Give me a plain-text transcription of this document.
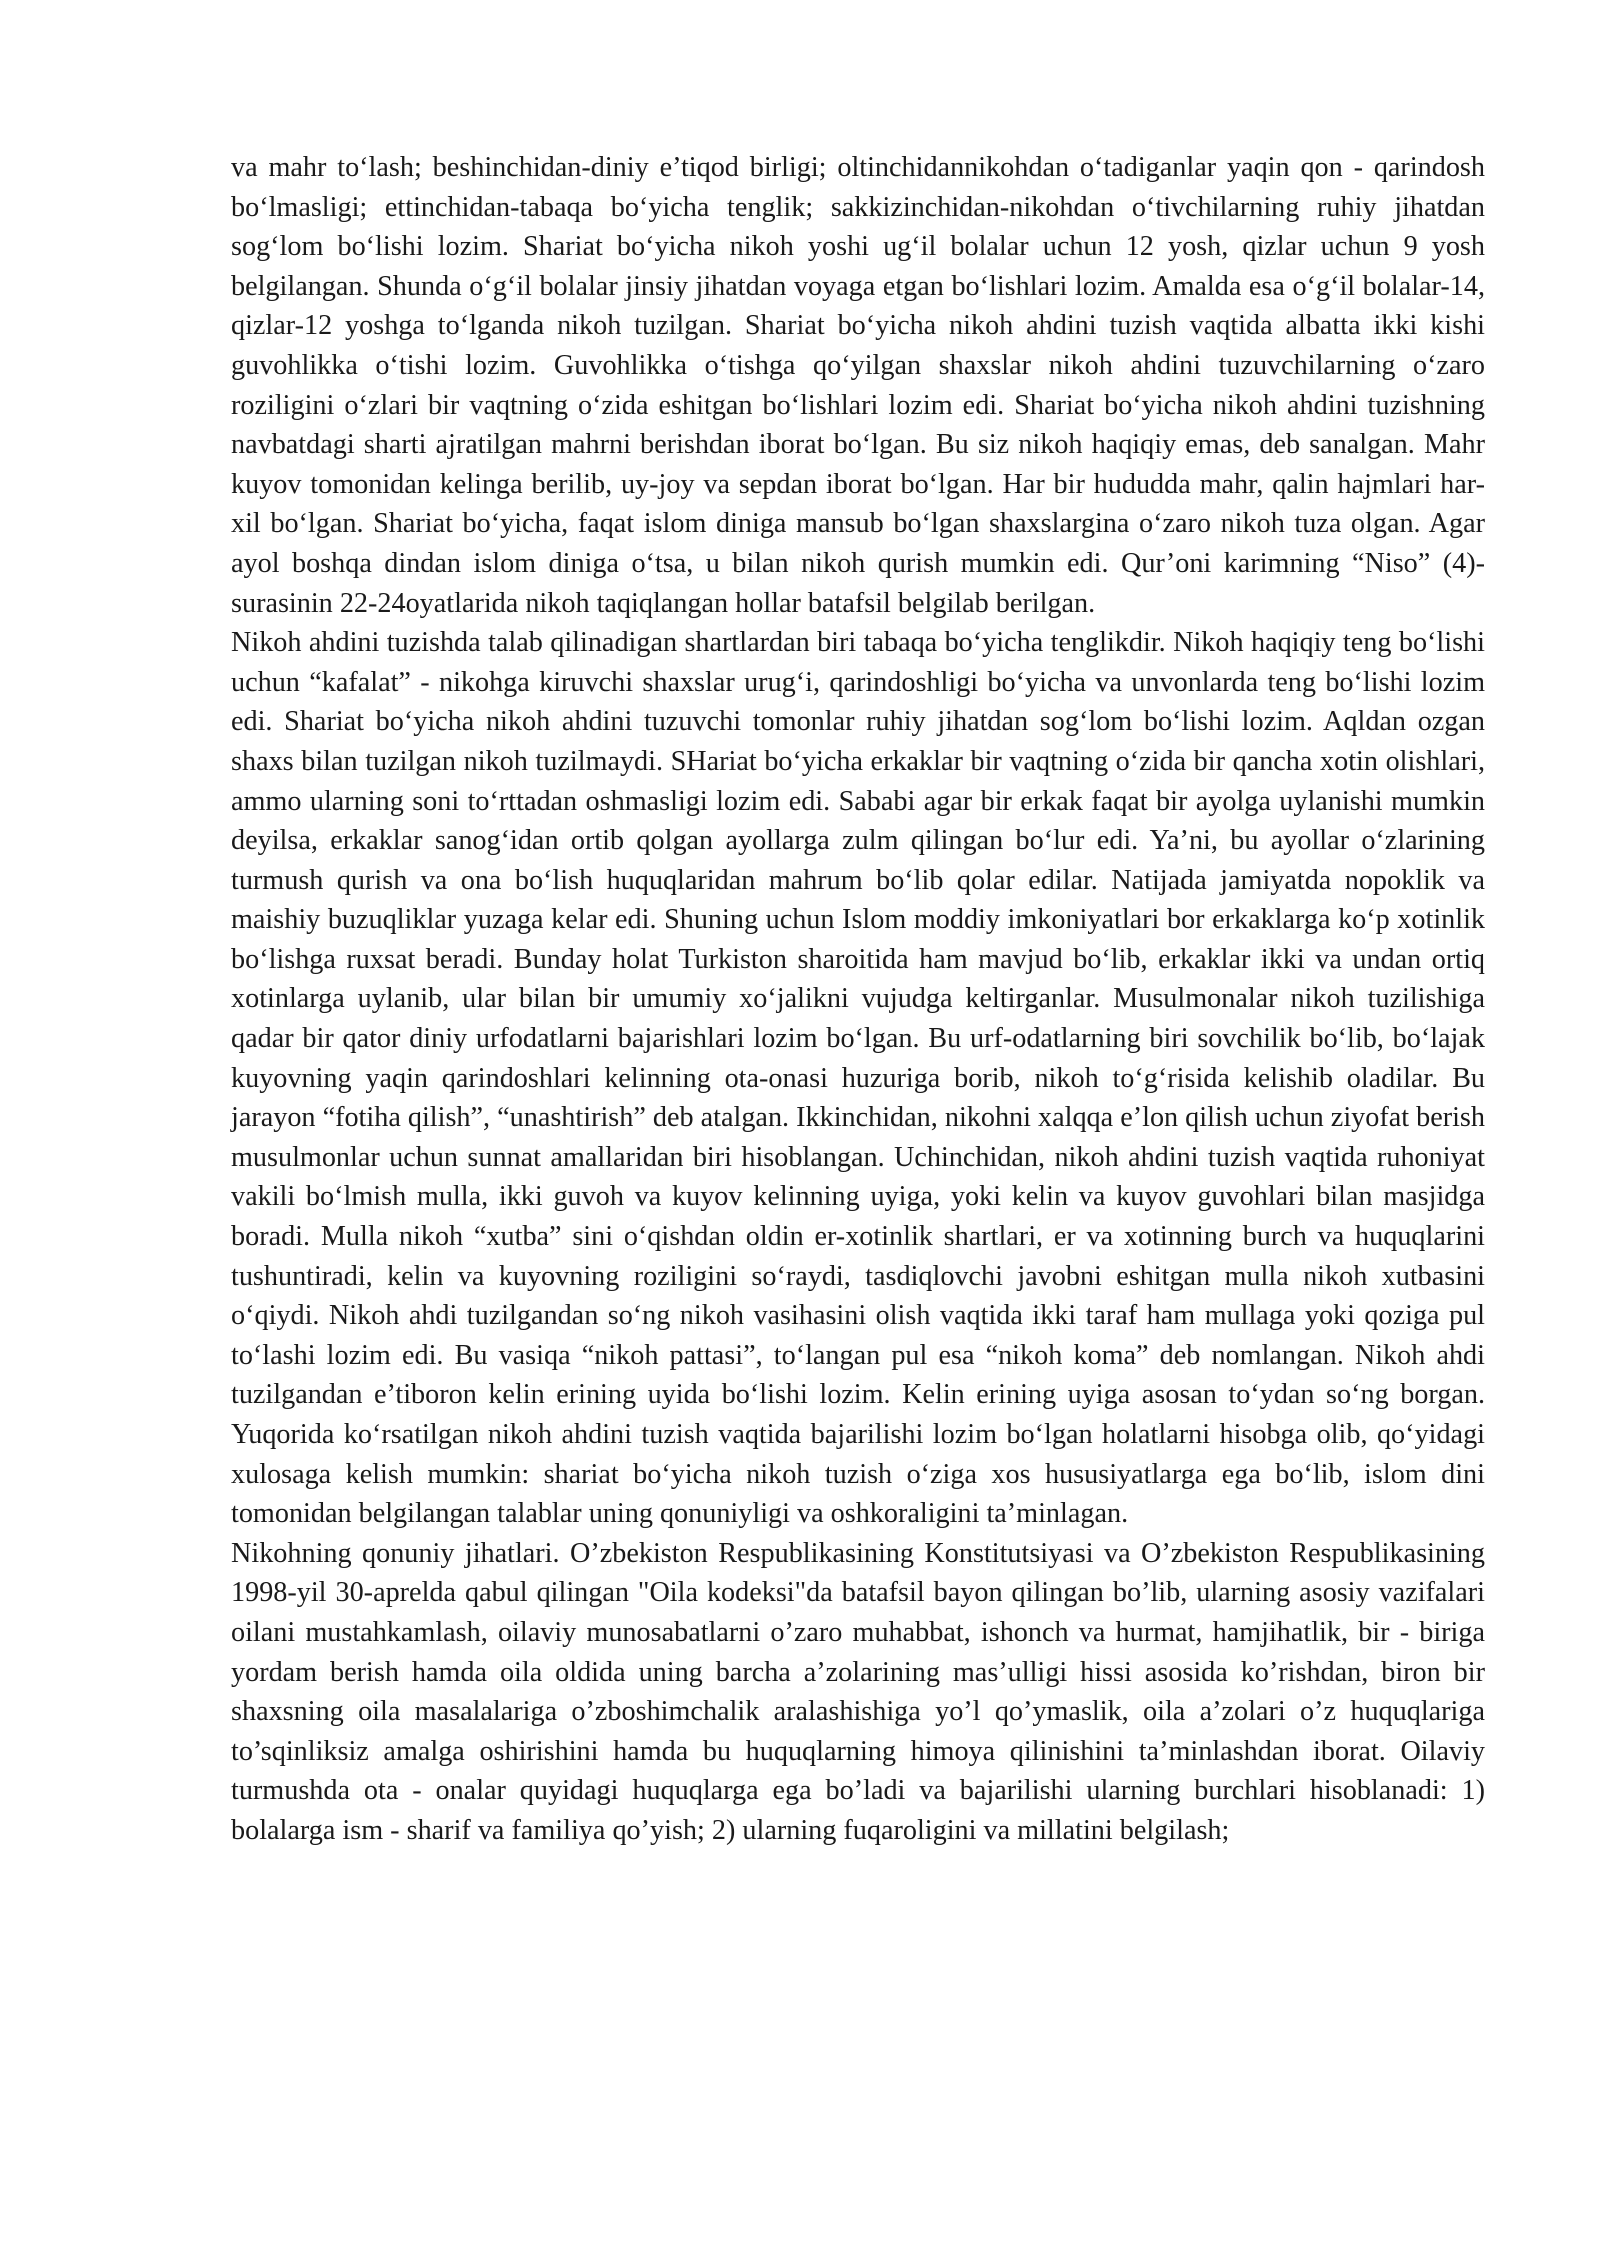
va mahr to‘lash; beshinchidan-diniy e’tiqod birligi; oltinchidannikohdan o‘tadiganlar yaqin qon - qarindosh bo‘lmasligi; ettinchidan-tabaqa bo‘yicha tenglik; sakkizinchidan-nikohdan o‘tivchilarning ruhiy jihatdan sog‘lom bo‘lishi lozim. Shariat bo‘yicha nikoh yoshi ug‘il bolalar uchun 12 yosh, qizlar uchun 9 yosh belgilangan. Shunda o‘g‘il bolalar jinsiy jihatdan voyaga etgan bo‘lishlari lozim. Amalda esa o‘g‘il bolalar-14, qizlar-12 yoshga to‘lganda nikoh tuzilgan. Shariat bo‘yicha nikoh ahdini tuzish vaqtida albatta ikki kishi guvohlikka o‘tishi lozim. Guvohlikka o‘tishga qo‘yilgan shaxslar nikoh ahdini tuzuvchilarning o‘zaro roziligini o‘zlari bir vaqtning o‘zida eshitgan bo‘lishlari lozim edi. Shariat bo‘yicha nikoh ahdini tuzishning navbatdagi sharti ajratilgan mahrni berishdan iborat bo‘lgan. Bu siz nikoh haqiqiy emas, deb sanalgan. Mahr kuyov tomonidan kelinga berilib, uy-joy va sepdan iborat bo‘lgan. Har bir hududda mahr, qalin hajmlari har-xil bo‘lgan. Shariat bo‘yicha, faqat islom diniga mansub bo‘lgan shaxslargina o‘zaro nikoh tuza olgan. Agar ayol boshqa dindan islom diniga o‘tsa, u bilan nikoh qurish mumkin edi. Qur’oni karimning “Niso” (4)-surasinin 22-24oyatlarida nikoh taqiqlangan hollar batafsil belgilab berilgan.

Nikoh ahdini tuzishda talab qilinadigan shartlardan biri tabaqa bo‘yicha tenglikdir. Nikoh haqiqiy teng bo‘lishi uchun “kafalat” - nikohga kiruvchi shaxslar urug‘i, qarindoshligi bo‘yicha va unvonlarda teng bo‘lishi lozim edi. Shariat bo‘yicha nikoh ahdini tuzuvchi tomonlar ruhiy jihatdan sog‘lom bo‘lishi lozim. Aqldan ozgan shaxs bilan tuzilgan nikoh tuzilmaydi. SHariat bo‘yicha erkaklar bir vaqtning o‘zida bir qancha xotin olishlari, ammo ularning soni to‘rttadan oshmasligi lozim edi. Sababi agar bir erkak faqat bir ayolga uylanishi mumkin deyilsa, erkaklar sanog‘idan ortib qolgan ayollarga zulm qilingan bo‘lur edi. Ya’ni, bu ayollar o‘zlarining turmush qurish va ona bo‘lish huquqlaridan mahrum bo‘lib qolar edilar. Natijada jamiyatda nopoklik va maishiy buzuqliklar yuzaga kelar edi. Shuning uchun Islom moddiy imkoniyatlari bor erkaklarga ko‘p xotinlik bo‘lishga ruxsat beradi. Bunday holat Turkiston sharoitida ham mavjud bo‘lib, erkaklar ikki va undan ortiq xotinlarga uylanib, ular bilan bir umumiy xo‘jalikni vujudga keltirganlar. Musulmonalar nikoh tuzilishiga qadar bir qator diniy urfodatlarni bajarishlari lozim bo‘lgan. Bu urf-odatlarning biri sovchilik bo‘lib, bo‘lajak kuyovning yaqin qarindoshlari kelinning ota-onasi huzuriga borib, nikoh to‘g‘risida kelishib oladilar. Bu jarayon “fotiha qilish”, “unashtirish” deb atalgan. Ikkinchidan, nikohni xalqqa e’lon qilish uchun ziyofat berish musulmonlar uchun sunnat amallaridan biri hisoblangan. Uchinchidan, nikoh ahdini tuzish vaqtida ruhoniyat vakili bo‘lmish mulla, ikki guvoh va kuyov kelinning uyiga, yoki kelin va kuyov guvohlari bilan masjidga boradi. Mulla nikoh “xutba” sini o‘qishdan oldin er-xotinlik shartlari, er va xotinning burch va huquqlarini tushuntiradi, kelin va kuyovning roziligini so‘raydi, tasdiqlovchi javobni eshitgan mulla nikoh xutbasini o‘qiydi. Nikoh ahdi tuzilgandan so‘ng nikoh vasihasini olish vaqtida ikki taraf ham mullaga yoki qoziga pul to‘lashi lozim edi. Bu vasiqa “nikoh pattasi”, to‘langan pul esa “nikoh koma” deb nomlangan. Nikoh ahdi tuzilgandan e’tiboron kelin erining uyida bo‘lishi lozim. Kelin erining uyiga asosan to‘ydan so‘ng borgan. Yuqorida ko‘rsatilgan nikoh ahdini tuzish vaqtida bajarilishi lozim bo‘lgan holatlarni hisobga olib, qo‘yidagi xulosaga kelish mumkin: shariat bo‘yicha nikoh tuzish o‘ziga xos hususiyatlarga ega bo‘lib, islom dini tomonidan belgilangan talablar uning qonuniyligi va oshkoraligini ta’minlagan.

Nikohning qonuniy jihatlari. O’zbekiston Respublikasining Konstitutsiyasi va O’zbekiston Respublikasining 1998-yil 30-aprelda qabul qilingan "Oila kodeksi"da batafsil bayon qilingan bo’lib, ularning asosiy vazifalari oilani mustahkamlash, oilaviy munosabatlarni o’zaro muhabbat, ishonch va hurmat, hamjihatlik, bir - biriga yordam berish hamda oila oldida uning barcha a’zolarining mas’ulligi hissi asosida ko’rishdan, biron bir shaxsning oila masalalariga o’zboshimchalik aralashishiga yo’l qo’ymaslik, oila a’zolari o’z huquqlariga to’sqinliksiz amalga oshirishini hamda bu huquqlarning himoya qilinishini ta’minlashdan iborat. Oilaviy turmushda ota - onalar quyidagi huquqlarga ega bo’ladi va bajarilishi ularning burchlari hisoblanadi: 1) bolalarga ism - sharif va familiya qo’yish; 2) ularning fuqaroligini va millatini belgilash;
